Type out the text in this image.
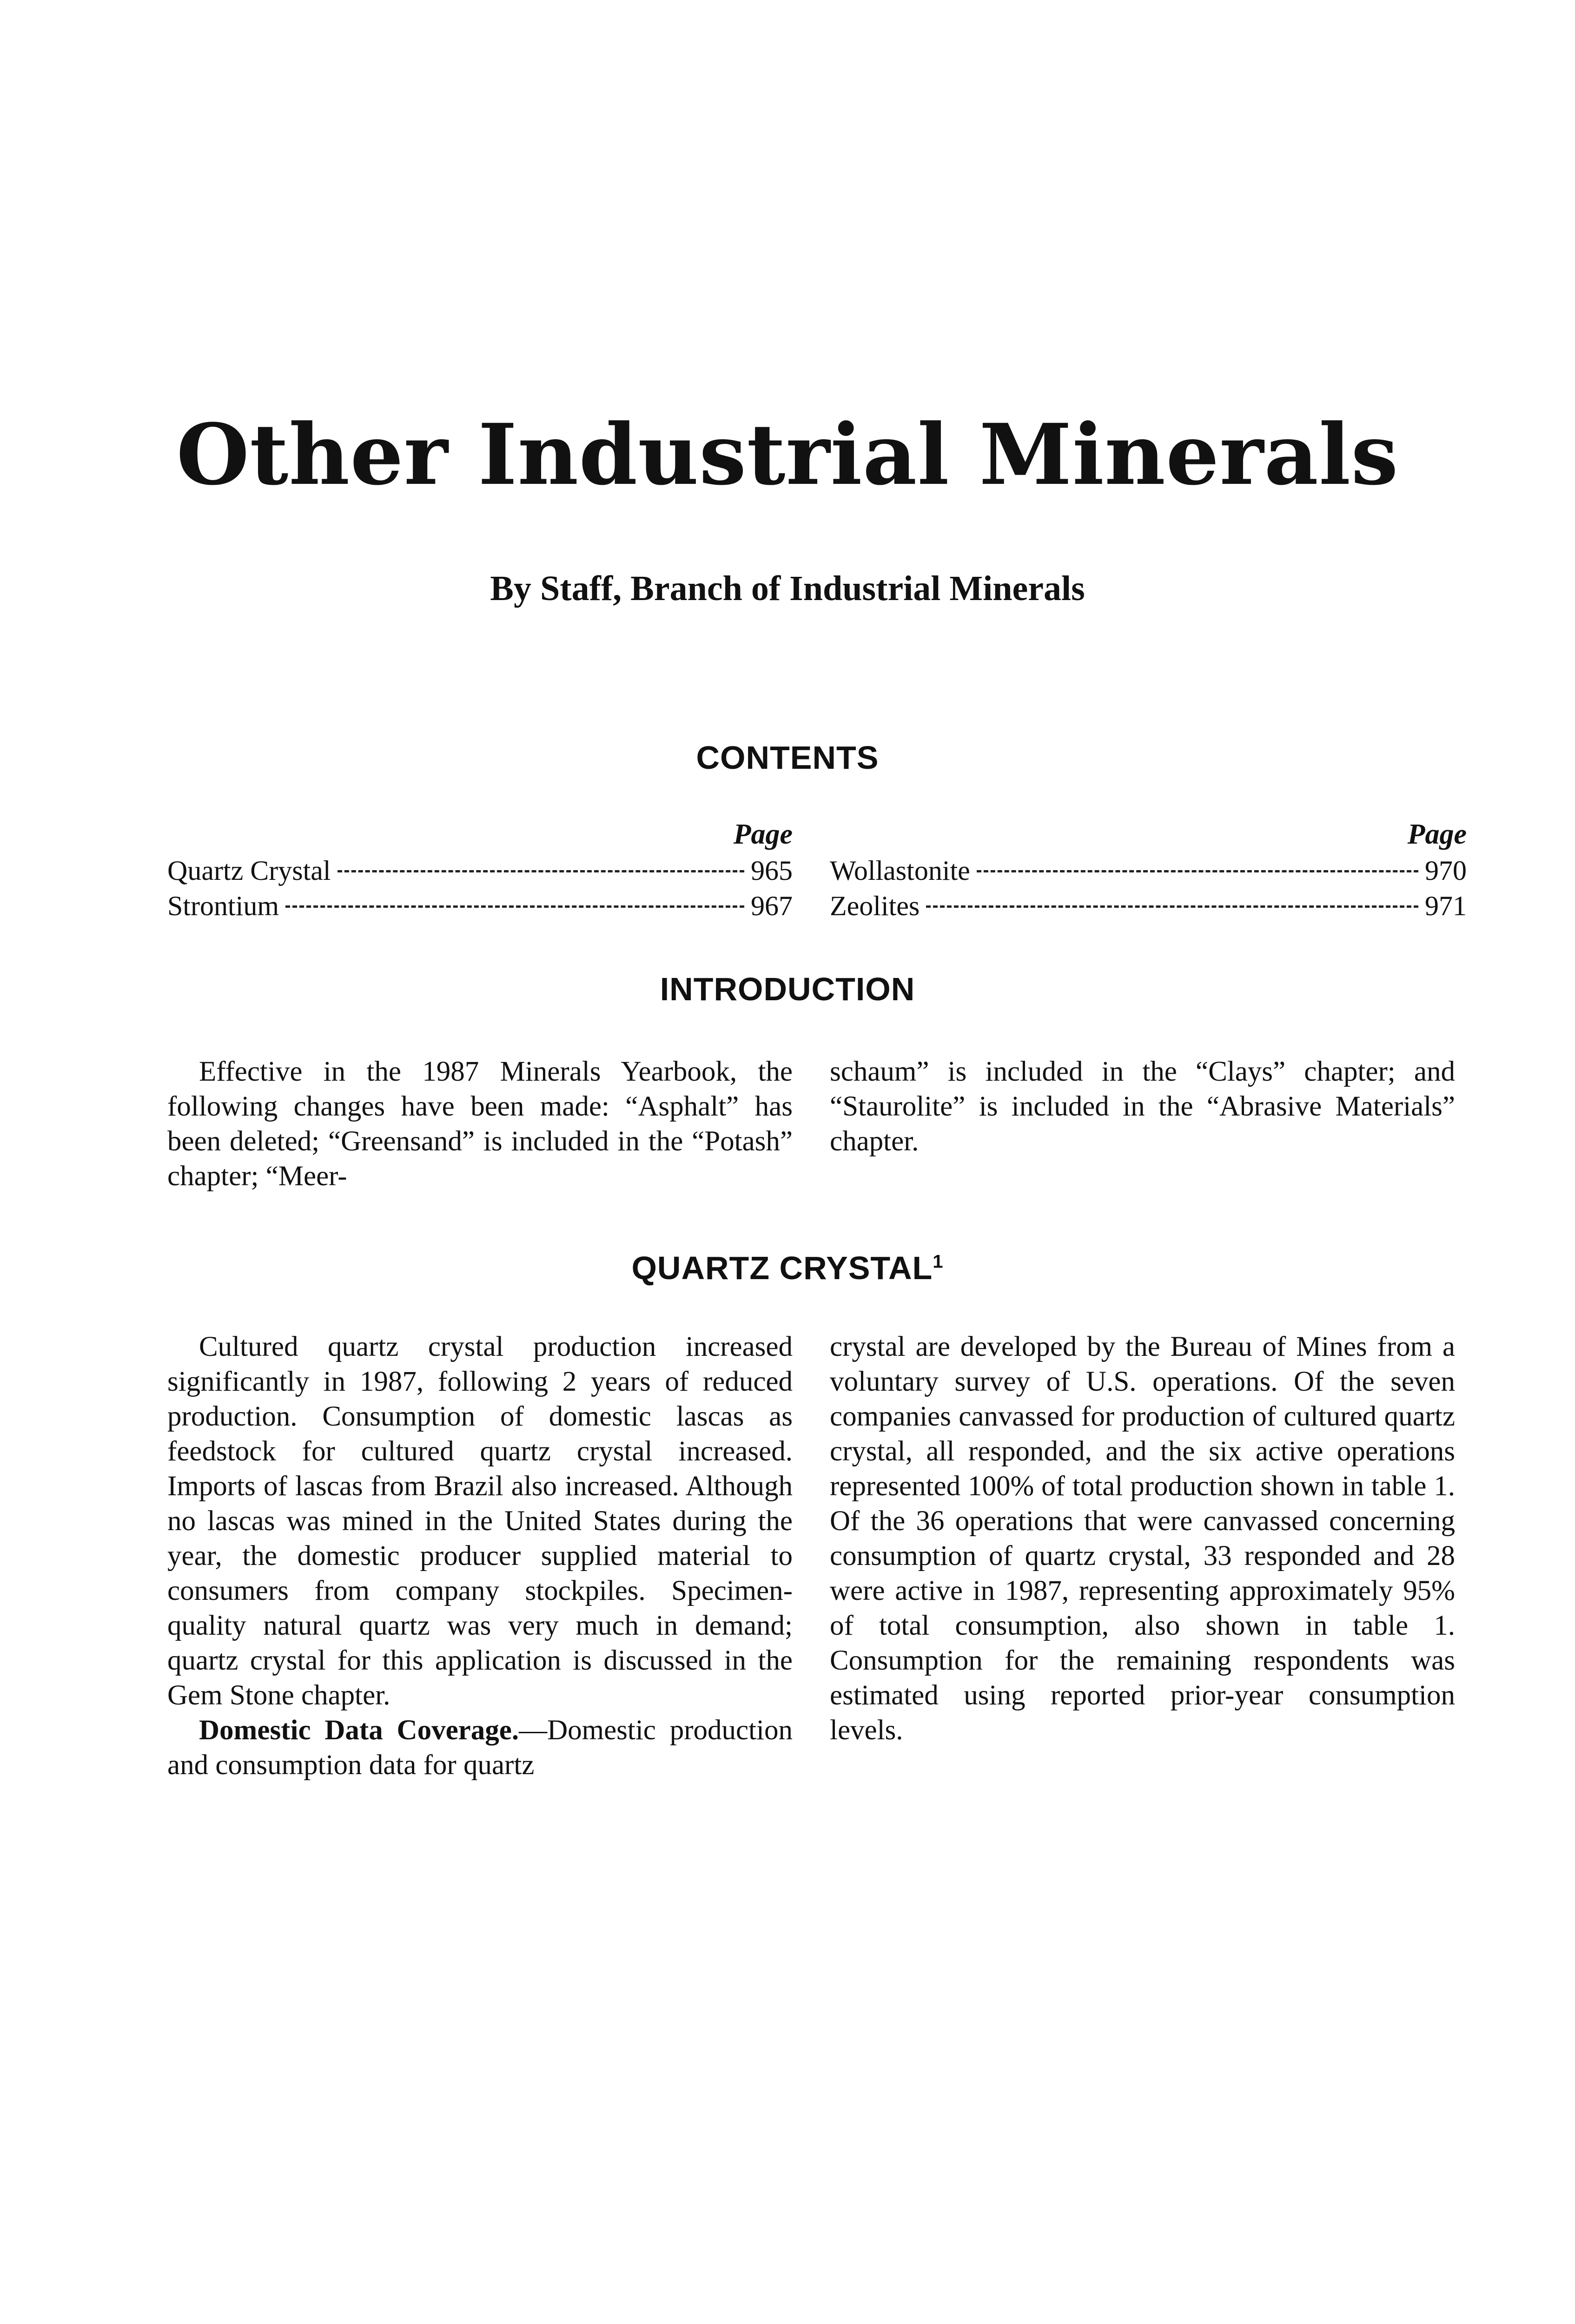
Other Industrial Minerals
By Staff, Branch of Industrial Minerals
CONTENTS
Page
Quartz Crystal	965
Strontium	967
Page
Wollastonite	970
Zeolites	971
INTRODUCTION

Effective in the 1987 Minerals Yearbook, the following changes have been made: “Asphalt” has been deleted; “Greensand” is included in the “Potash” chapter; “Meer-

schaum” is included in the “Clays” chapter; and “Staurolite” is included in the “Abrasive Materials” chapter.

QUARTZ CRYSTAL$^1$

Cultured quartz crystal production increased significantly in 1987, following 2 years of reduced production. Consumption of domestic lascas as feedstock for cultured quartz crystal increased. Imports of lascas from Brazil also increased. Although no lascas was mined in the United States during the year, the domestic producer supplied material to consumers from company stockpiles. Specimen-quality natural quartz was very much in demand; quartz crystal for this application is discussed in the Gem Stone chapter.

Domestic Data Coverage.—Domestic production and consumption data for quartz

crystal are developed by the Bureau of Mines from a voluntary survey of U.S. operations. Of the seven companies canvassed for production of cultured quartz crystal, all responded, and the six active operations represented 100% of total production shown in table 1. Of the 36 operations that were canvassed concerning consumption of quartz crystal, 33 responded and 28 were active in 1987, representing approximately 95% of total consumption, also shown in table 1. Consumption for the remaining respondents was estimated using reported prior-year consumption levels.
